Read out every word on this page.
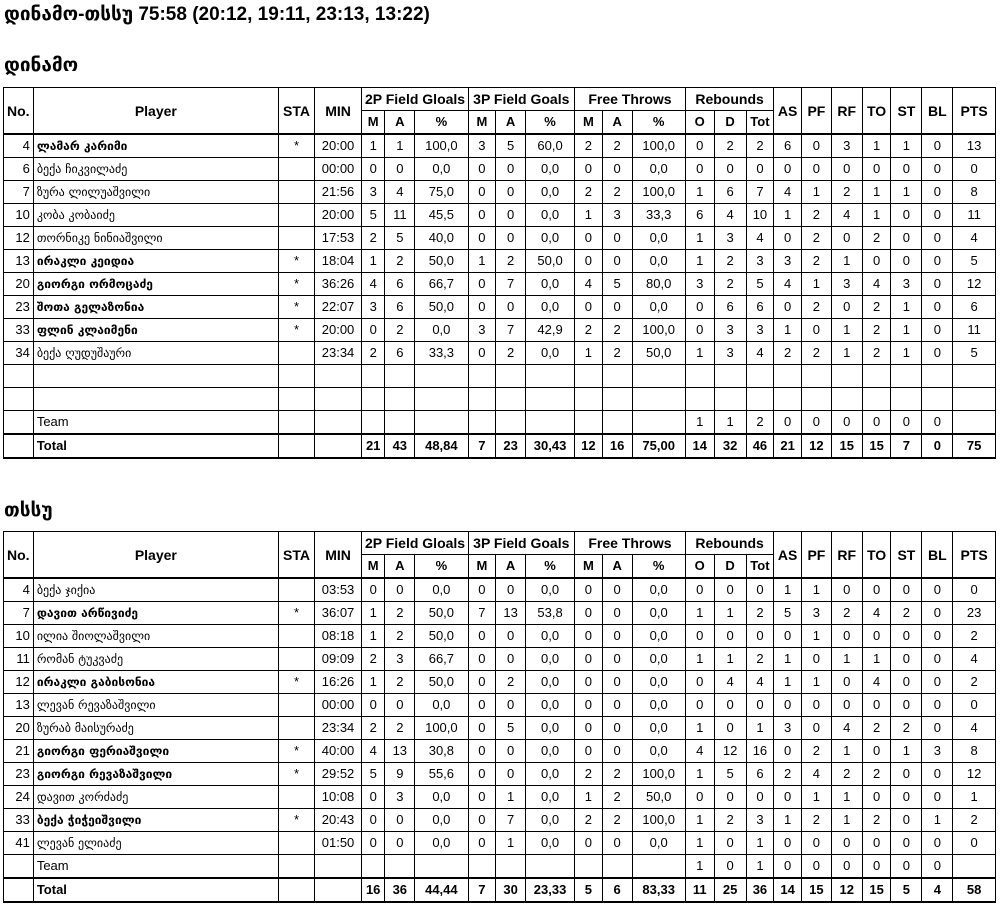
დინამო-თსსუ 75:58 (20:12, 19:11, 23:13, 13:22)
დინამო
No.	Player	STA	MIN	2P Field Gloals			3P Field Goals			Free Throws			Rebounds			AS	PF	RF	TO	ST	BL	PTS
				M	A	%	M	A	%	M	A	%	O	D	Tot							
4	ლამარ კარიმი	*	20:00	1	1	100,0	3	5	60,0	2	2	100,0	0	2	2	6	0	3	1	1	0	13
6	ბექა ჩიკვილაძე		00:00	0	0	0,0	0	0	0,0	0	0	0,0	0	0	0	0	0	0	0	0	0	0
7	ზურა ლილუაშვილი		21:56	3	4	75,0	0	0	0,0	2	2	100,0	1	6	7	4	1	2	1	1	0	8
10	კობა კობაიძე		20:00	5	11	45,5	0	0	0,0	1	3	33,3	6	4	10	1	2	4	1	0	0	11
12	თორნიკე ნინიაშვილი		17:53	2	5	40,0	0	0	0,0	0	0	0,0	1	3	4	0	2	0	2	0	0	4
13	ირაკლი კეიდია	*	18:04	1	2	50,0	1	2	50,0	0	0	0,0	1	2	3	3	2	1	0	0	0	5
20	გიორგი ორმოცაძე	*	36:26	4	6	66,7	0	7	0,0	4	5	80,0	3	2	5	4	1	3	4	3	0	12
23	შოთა გელაზონია	*	22:07	3	6	50,0	0	0	0,0	0	0	0,0	0	6	6	0	2	0	2	1	0	6
33	ფლინ კლაიმენი	*	20:00	0	2	0,0	3	7	42,9	2	2	100,0	0	3	3	1	0	1	2	1	0	11
34	ბექა ღუდუშაური		23:34	2	6	33,3	0	2	0,0	1	2	50,0	1	3	4	2	2	1	2	1	0	5

	Team												1	1	2	0	0	0	0	0	0	
	Total			21	43	48,84	7	23	30,43	12	16	75,00	14	32	46	21	12	15	15	7	0	75
თსსუ
No.	Player	STA	MIN	2P Field Gloals			3P Field Goals			Free Throws			Rebounds			AS	PF	RF	TO	ST	BL	PTS
				M	A	%	M	A	%	M	A	%	O	D	Tot							
4	ბექა ჯიქია		03:53	0	0	0,0	0	0	0,0	0	0	0,0	0	0	0	1	1	0	0	0	0	0
7	დავით არწივიძე	*	36:07	1	2	50,0	7	13	53,8	0	0	0,0	1	1	2	5	3	2	4	2	0	23
10	ილია შიოლაშვილი		08:18	1	2	50,0	0	0	0,0	0	0	0,0	0	0	0	0	1	0	0	0	0	2
11	რომან ტუკვაძე		09:09	2	3	66,7	0	0	0,0	0	0	0,0	1	1	2	1	0	1	1	0	0	4
12	ირაკლი გაბისონია	*	16:26	1	2	50,0	0	2	0,0	0	0	0,0	0	4	4	1	1	0	4	0	0	2
13	ლევან რევაზაშვილი		00:00	0	0	0,0	0	0	0,0	0	0	0,0	0	0	0	0	0	0	0	0	0	0
20	ზურაბ მაისურაძე		23:34	2	2	100,0	0	5	0,0	0	0	0,0	1	0	1	3	0	4	2	2	0	4
21	გიორგი ფერიაშვილი	*	40:00	4	13	30,8	0	0	0,0	0	0	0,0	4	12	16	0	2	1	0	1	3	8
23	გიორგი რევაზაშვილი	*	29:52	5	9	55,6	0	0	0,0	2	2	100,0	1	5	6	2	4	2	2	0	0	12
24	დავით კორძაძე		10:08	0	3	0,0	0	1	0,0	1	2	50,0	0	0	0	0	1	1	0	0	0	1
33	ბექა ჭიჭეიშვილი	*	20:43	0	0	0,0	0	7	0,0	2	2	100,0	1	2	3	1	2	1	2	0	1	2
41	ლევან ელიაძე		01:50	0	0	0,0	0	1	0,0	0	0	0,0	1	0	1	0	0	0	0	0	0	0
	Team												1	0	1	0	0	0	0	0	0	
	Total			16	36	44,44	7	30	23,33	5	6	83,33	11	25	36	14	15	12	15	5	4	58
